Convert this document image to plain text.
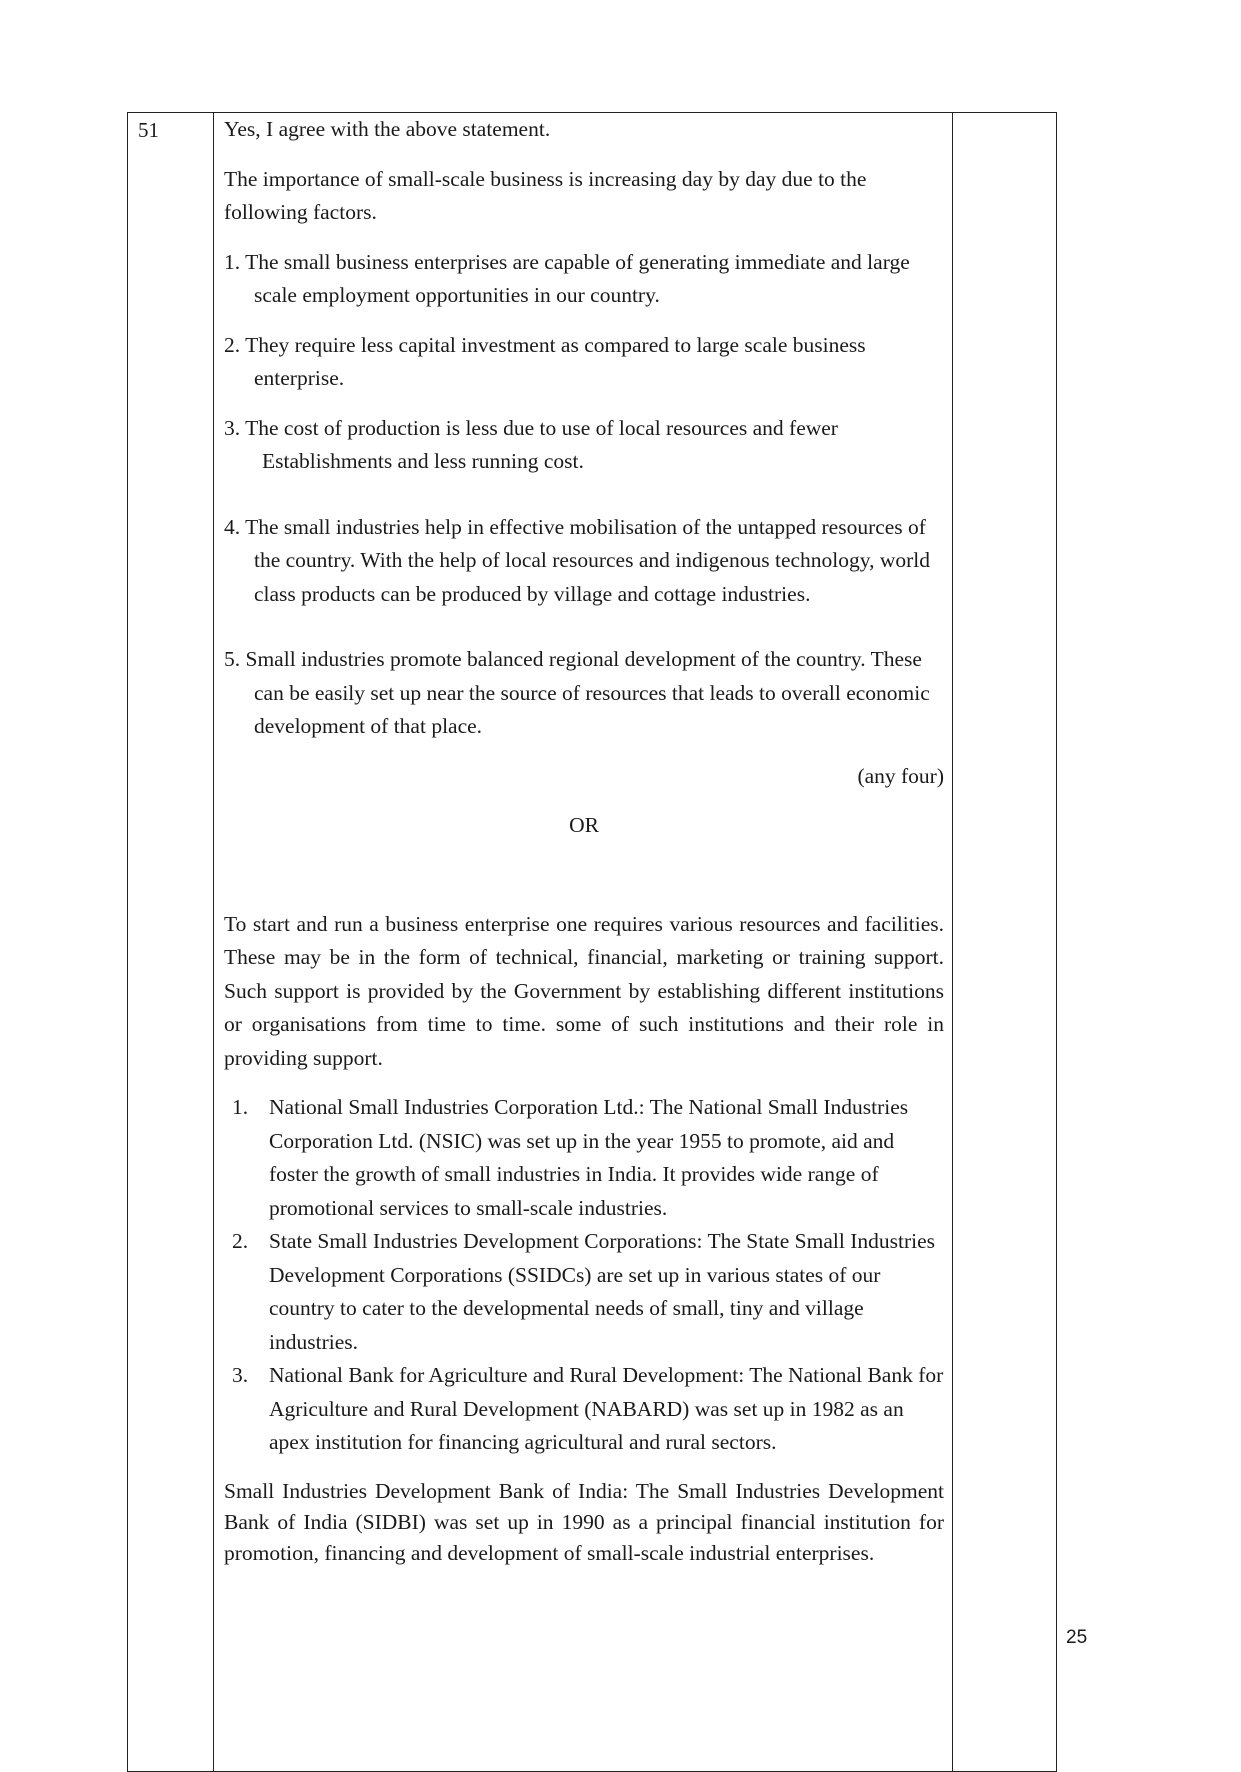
51	Yes, I agree with the above statement.

The importance of small-scale business is increasing day by day due to the following factors.

1. The small business enterprises are capable of generating immediate and large scale employment opportunities in our country.

2. They require less capital investment as compared to large scale business enterprise.

3. The cost of production is less due to use of local resources and fewer Establishments and less running cost.

4. The small industries help in effective mobilisation of the untapped resources of the country. With the help of local resources and indigenous technology, world class products can be produced by village and cottage industries.

5. Small industries promote balanced regional development of the country. These can be easily set up near the source of resources that leads to overall economic development of that place.

(any four)

OR

To start and run a business enterprise one requires various resources and facilities. These may be in the form of technical, financial, marketing or training support. Such support is provided by the Government by establishing different institutions or organisations from time to time. some of such institutions and their role in providing support.

1. National Small Industries Corporation Ltd.: The National Small Industries Corporation Ltd. (NSIC) was set up in the year 1955 to promote, aid and foster the growth of small industries in India. It provides wide range of promotional services to small-scale industries.
2. State Small Industries Development Corporations: The State Small Industries Development Corporations (SSIDCs) are set up in various states of our country to cater to the developmental needs of small, tiny and village industries.
3. National Bank for Agriculture and Rural Development: The National Bank for Agriculture and Rural Development (NABARD) was set up in 1982 as an apex institution for financing agricultural and rural sectors.

Small Industries Development Bank of India: The Small Industries Development Bank of India (SIDBI) was set up in 1990 as a principal financial institution for promotion, financing and development of small-scale industrial enterprises.

25
